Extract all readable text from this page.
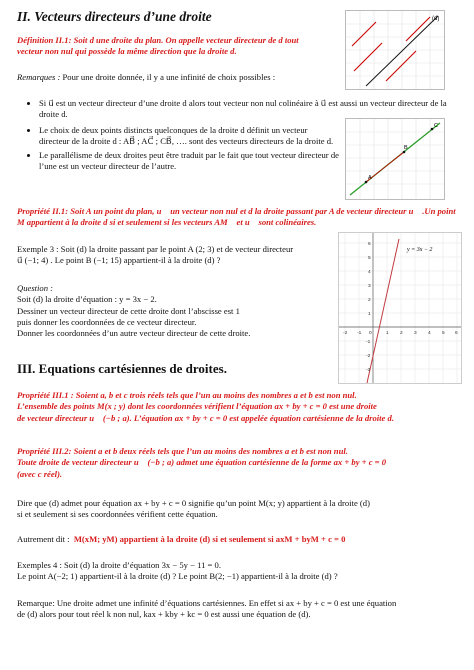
II. Vecteurs directeurs d’une droite

Définition II.1: Soit d une droite du plan. On appelle vecteur directeur de d tout vecteur non nul qui possède la même direction que la droite d.

Remarques : Pour une droite donnée, il y a une infinité de choix possibles :

• Si u⃗ est un vecteur directeur d’une droite d alors tout vecteur non nul colinéaire à u⃗ est aussi un vecteur directeur de la droite d.
• Le choix de deux points distincts quelconques de la droite d définit un vecteur directeur de la droite d : AB⃗ ; AC⃗ ; CB⃗, …. sont des vecteurs directeurs de la droite d.
• Le parallélisme de deux droites peut être traduit par le fait que tout vecteur directeur de l’une est un vecteur directeur de l’autre.

Propriété II.1: Soit A un point du plan, u⃗ un vecteur non nul et d la droite passant par A de vecteur directeur u⃗ .Un point M appartient à la droite d si et seulement si les vecteurs AM⃗ et u⃗ sont colinéaires.

Exemple 3 : Soit (d) la droite passant par le point A (2; 3) et de vecteur directeur

u⃗ (−1; 4) . Le point B (−1; 15) appartient-il à la droite (d) ?

Question :

Soit (d) la droite d’équation : y = 3x − 2.

Dessiner un vecteur directeur de cette droite dont l’abscisse est 1

puis donner les coordonnées de ce vecteur directeur.

Donner les coordonnées d’un autre vecteur directeur de cette droite.

III. Equations cartésiennes de droites.

Propriété III.1 : Soient a, b et c trois réels tels que l’un au moins des nombres a et b est non nul.

L’ensemble des points M(x ; y) dont les coordonnées vérifient l’équation ax + by + c = 0 est une droite

de vecteur directeur u⃗ (−b ; a). L’équation ax + by + c = 0 est appelée équation cartésienne de la droite d.

Propriété III.2: Soient a et b deux réels tels que l’un au moins des nombres a et b est non nul.

Toute droite de vecteur directeur u⃗ (−b ; a) admet une équation cartésienne de la forme ax + by + c = 0

(avec c réel).

Dire que (d) admet pour équation ax + by + c = 0 signifie qu’un point M(x; y) appartient à la droite (d)

si et seulement si ses coordonnées vérifient cette équation.

Autrement dit : M(xM; yM) appartient à la droite (d) si et seulement si axM + byM + c = 0

Exemples 4 : Soit (d) la droite d’équation 3x − 5y − 11 = 0.

Le point A(−2; 1) appartient-il à la droite (d) ? Le point B(2; −1) appartient-il à la droite (d) ?

Remarque: Une droite admet une infinité d’équations cartésiennes. En effet si ax + by + c = 0 est une équation

de (d) alors pour tout réel k non nul, kax + kby + kc = 0 est aussi une équation de (d).

(d)
A
B
C
y = 3x − 2
-2 -1 0	1 2 3 4 5 6
6
5
4
3
2
1
-1
-2
-3
